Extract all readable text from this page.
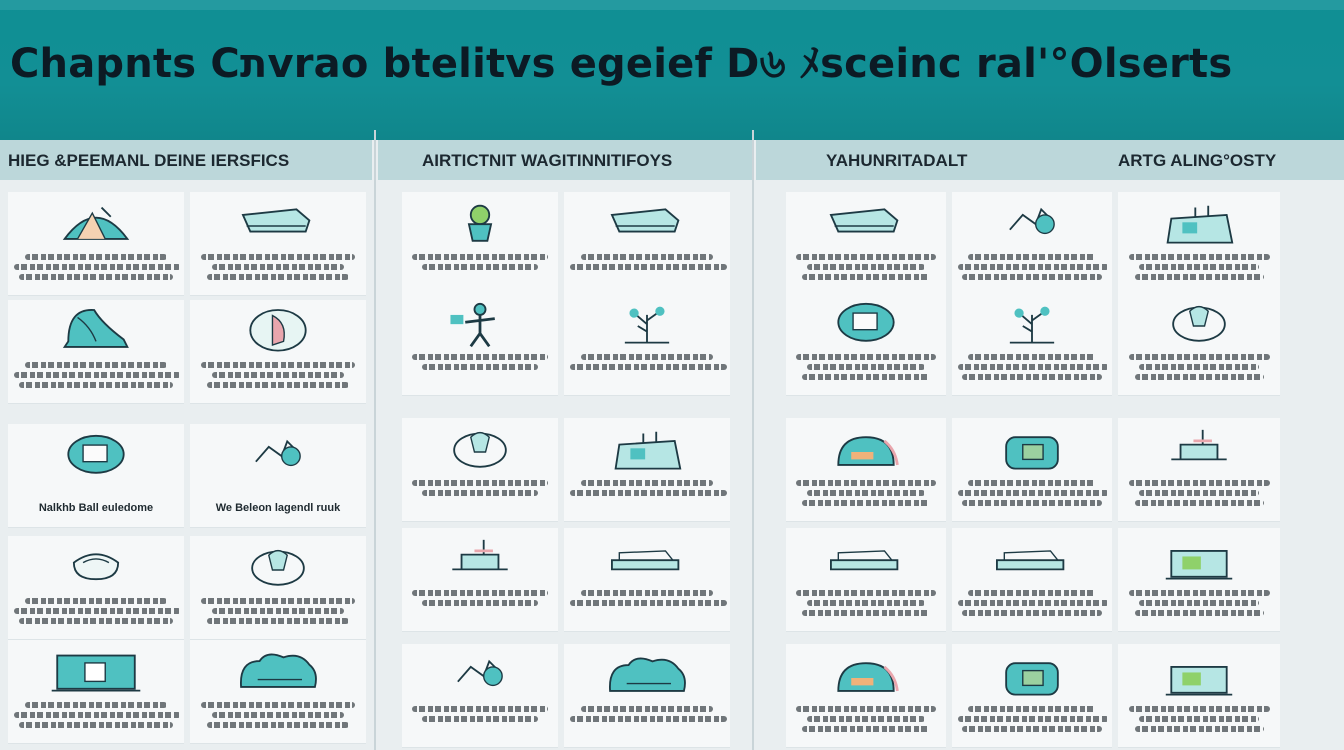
Chapnts Cתvrao btelitvs egeief D৬ ﾒsceinc ral'°Olserts
HIEG &PEEMANL DEINE IERSFICS	AIRTICTNIT WAGITINNITIFOYS	YAHUNRITADALT	ARTG ALING°OSTY
Nalkhb Ball euledome	We Beleon lagendl ruuk
